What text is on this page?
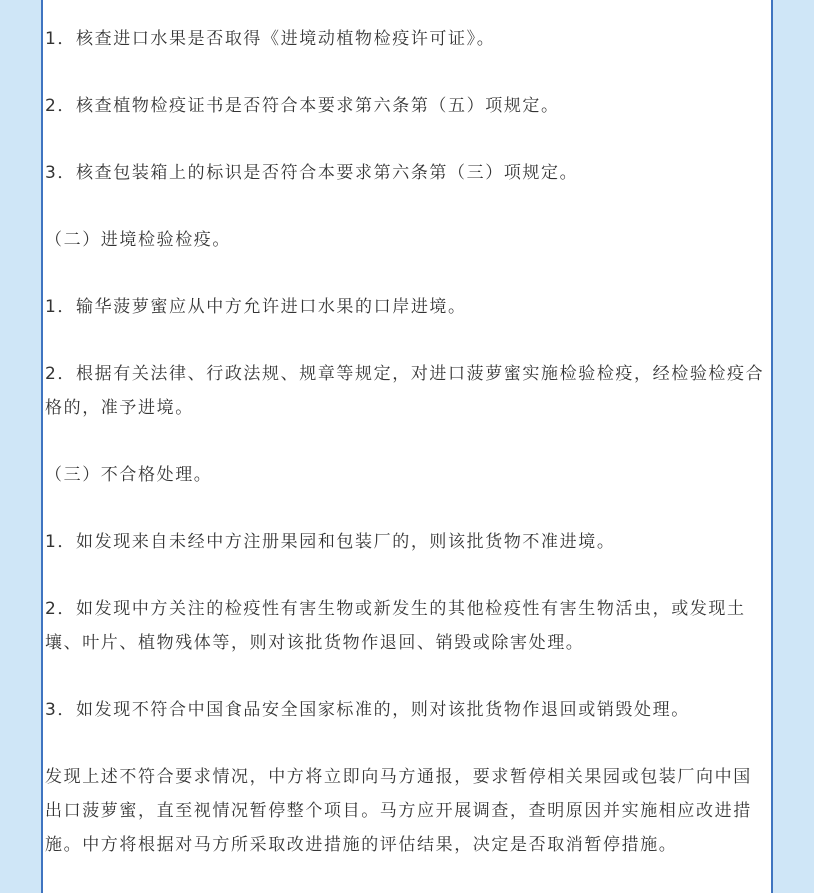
1．核查进口水果是否取得《进境动植物检疫许可证》。

2．核查植物检疫证书是否符合本要求第六条第（五）项规定。

3．核查包装箱上的标识是否符合本要求第六条第（三）项规定。

（二）进境检验检疫。

1．输华菠萝蜜应从中方允许进口水果的口岸进境。

2．根据有关法律、行政法规、规章等规定，对进口菠萝蜜实施检验检疫，经检验检疫合格的，准予进境。

（三）不合格处理。

1．如发现来自未经中方注册果园和包装厂的，则该批货物不准进境。

2．如发现中方关注的检疫性有害生物或新发生的其他检疫性有害生物活虫，或发现土壤、叶片、植物残体等，则对该批货物作退回、销毁或除害处理。

3．如发现不符合中国食品安全国家标准的，则对该批货物作退回或销毁处理。

发现上述不符合要求情况，中方将立即向马方通报，要求暂停相关果园或包装厂向中国出口菠萝蜜，直至视情况暂停整个项目。马方应开展调查，查明原因并实施相应改进措施。中方将根据对马方所采取改进措施的评估结果，决定是否取消暂停措施。
